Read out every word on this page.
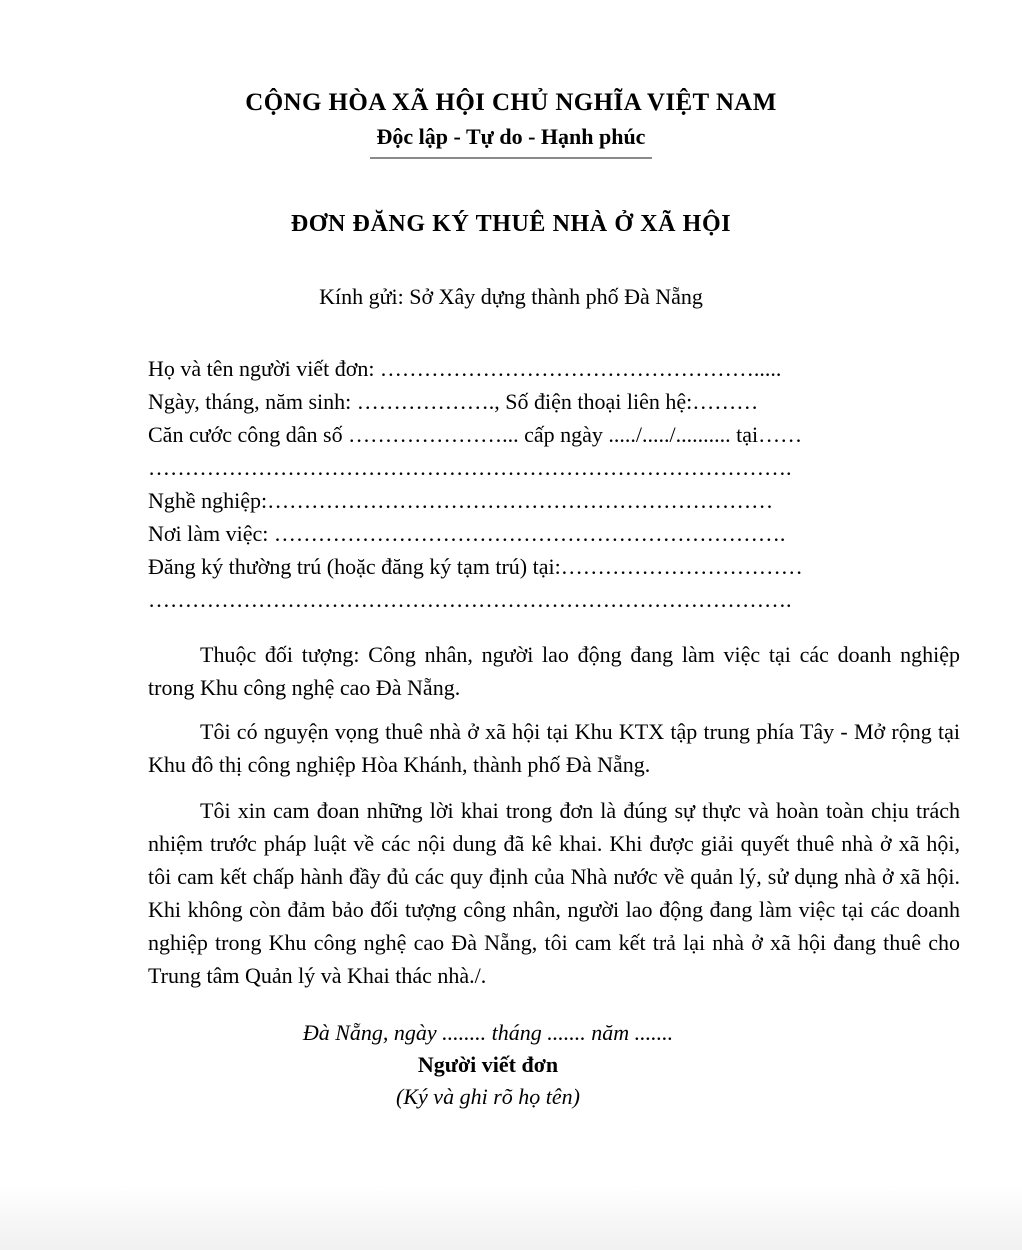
CỘNG HÒA XÃ HỘI CHỦ NGHĨA VIỆT NAM
Độc lập - Tự do - Hạnh phúc
ĐƠN ĐĂNG KÝ THUÊ NHÀ Ở XÃ HỘI
Kính gửi: Sở Xây dựng thành phố Đà Nẵng
Họ và tên người viết đơn: …………………………………………….....
Ngày, tháng, năm sinh: ………………., Số điện thoại liên hệ:………
Căn cước công dân số …………………... cấp ngày ...../...../.......... tại……
…………………………………………………………………………….
Nghề nghiệp:……………………………………………………………
Nơi làm việc: …………………………………………………………….
Đăng ký thường trú (hoặc đăng ký tạm trú) tại:……………………………
…………………………………………………………………………….

Thuộc đối tượng: Công nhân, người lao động đang làm việc tại các doanh nghiệp trong Khu công nghệ cao Đà Nẵng.

Tôi có nguyện vọng thuê nhà ở xã hội tại Khu KTX tập trung phía Tây - Mở rộng tại Khu đô thị công nghiệp Hòa Khánh, thành phố Đà Nẵng.

Tôi xin cam đoan những lời khai trong đơn là đúng sự thực và hoàn toàn chịu trách nhiệm trước pháp luật về các nội dung đã kê khai. Khi được giải quyết thuê nhà ở xã hội, tôi cam kết chấp hành đầy đủ các quy định của Nhà nước về quản lý, sử dụng nhà ở xã hội. Khi không còn đảm bảo đối tượng công nhân, người lao động đang làm việc tại các doanh nghiệp trong Khu công nghệ cao Đà Nẵng, tôi cam kết trả lại nhà ở xã hội đang thuê cho Trung tâm Quản lý và Khai thác nhà./.

Đà Nẵng, ngày ........ tháng ....... năm .......
Người viết đơn
(Ký và ghi rõ họ tên)
